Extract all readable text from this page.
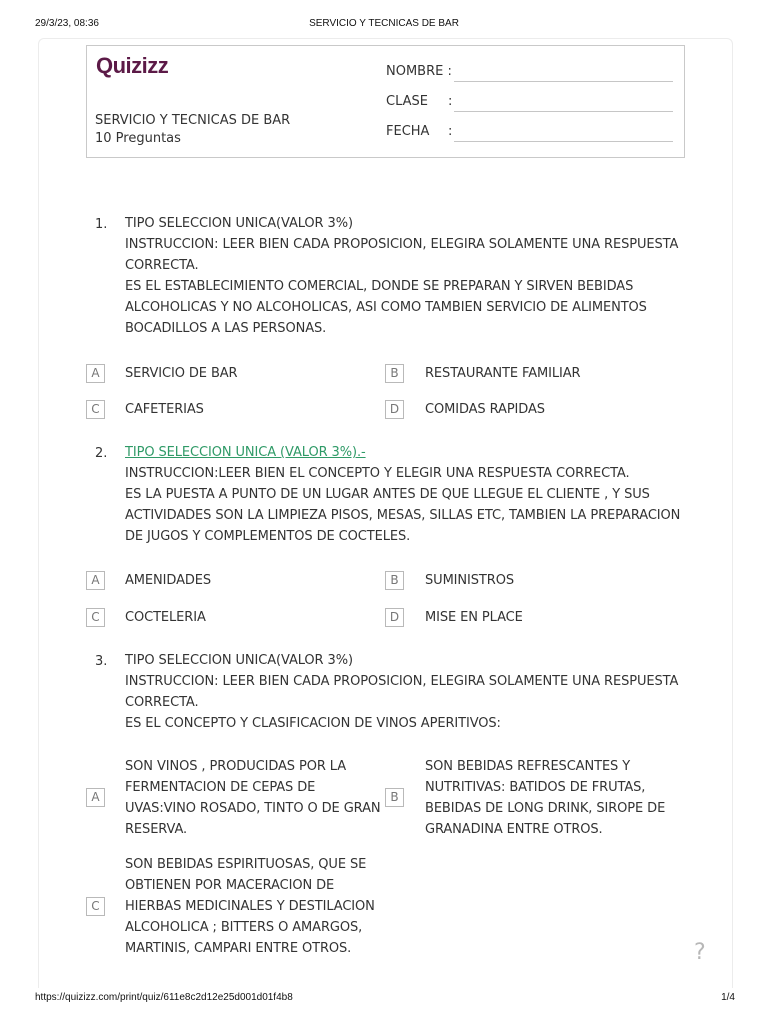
29/3/23, 08:36	SERVICIO Y TECNICAS DE BAR
Quizizz
SERVICIO Y TECNICAS DE BAR
10 Preguntas
NOMBRE :
CLASE :
FECHA :
1. TIPO SELECCION UNICA(VALOR 3%)
INSTRUCCION: LEER BIEN CADA PROPOSICION, ELEGIRA SOLAMENTE UNA RESPUESTA
CORRECTA.
ES EL ESTABLECIMIENTO COMERCIAL, DONDE SE PREPARAN Y SIRVEN BEBIDAS
ALCOHOLICAS Y NO ALCOHOLICAS, ASI COMO TAMBIEN SERVICIO DE ALIMENTOS
BOCADILLOS A LAS PERSONAS.
A	SERVICIO DE BAR	B	RESTAURANTE FAMILIAR
C	CAFETERIAS	D	COMIDAS RAPIDAS
2. TIPO SELECCION UNICA (VALOR 3%).-
INSTRUCCION:LEER BIEN EL CONCEPTO Y ELEGIR UNA RESPUESTA CORRECTA.
ES LA PUESTA A PUNTO DE UN LUGAR ANTES DE QUE LLEGUE EL CLIENTE , Y SUS
ACTIVIDADES SON LA LIMPIEZA PISOS, MESAS, SILLAS ETC, TAMBIEN LA PREPARACION
DE JUGOS Y COMPLEMENTOS DE COCTELES.
A	AMENIDADES	B	SUMINISTROS
C	COCTELERIA	D	MISE EN PLACE
3. TIPO SELECCION UNICA(VALOR 3%)
INSTRUCCION: LEER BIEN CADA PROPOSICION, ELEGIRA SOLAMENTE UNA RESPUESTA
CORRECTA.
ES EL CONCEPTO Y CLASIFICACION DE VINOS APERITIVOS:
A
SON VINOS , PRODUCIDAS POR LA
FERMENTACION DE CEPAS DE
UVAS:VINO ROSADO, TINTO O DE GRAN
RESERVA.
B
SON BEBIDAS REFRESCANTES Y
NUTRITIVAS: BATIDOS DE FRUTAS,
BEBIDAS DE LONG DRINK, SIROPE DE
GRANADINA ENTRE OTROS.
C
SON BEBIDAS ESPIRITUOSAS, QUE SE
OBTIENEN POR MACERACION DE
HIERBAS MEDICINALES Y DESTILACION
ALCOHOLICA ; BITTERS O AMARGOS,
MARTINIS, CAMPARI ENTRE OTROS.	?
https://quizizz.com/print/quiz/611e8c2d12e25d001d01f4b8	1/4
